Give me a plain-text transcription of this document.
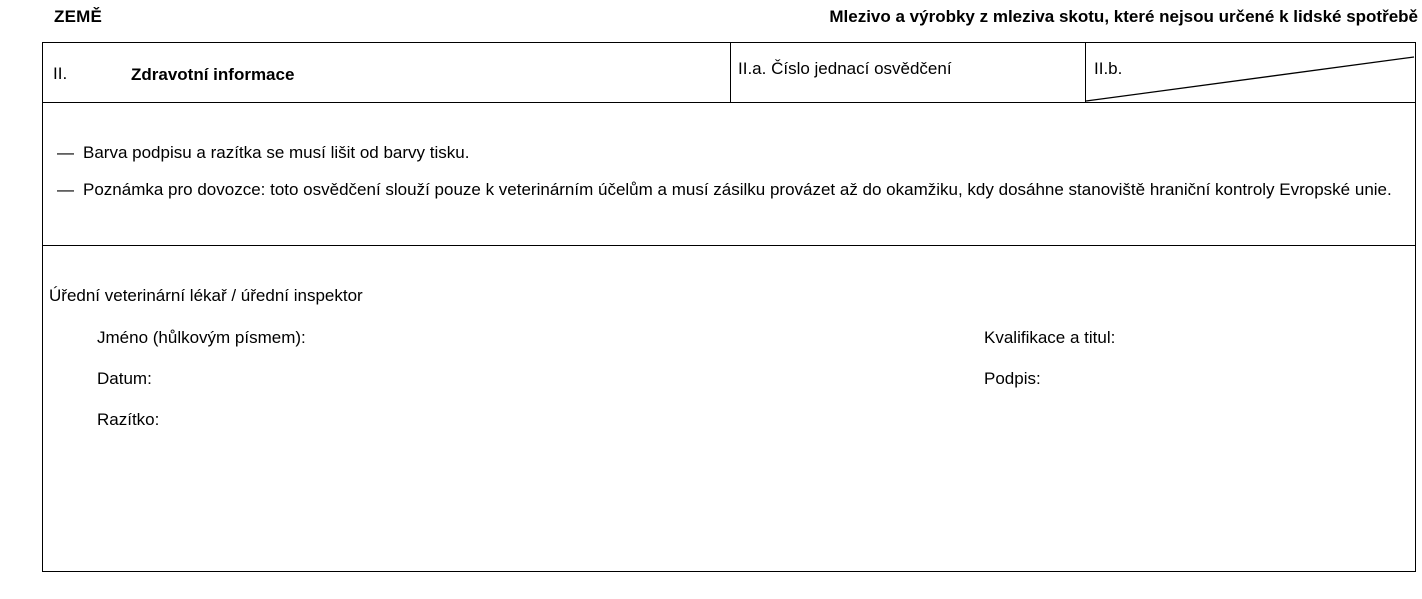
ZEMĚ	Mlezivo a výrobky z mleziva skotu, které nejsou určené k lidské spotřebě
II.	Zdravotní informace	II.a. Číslo jednací osvědčení	II.b.
— Barva podpisu a razítka se musí lišit od barvy tisku.
— Poznámka pro dovozce: toto osvědčení slouží pouze k veterinárním účelům a musí zásilku provázet až do okamžiku, kdy dosáhne stanoviště hraniční kontroly Evropské unie.
Úřední veterinární lékař / úřední inspektor
Jméno (hůlkovým písmem):	Kvalifikace a titul:
Datum:	Podpis:
Razítko:
